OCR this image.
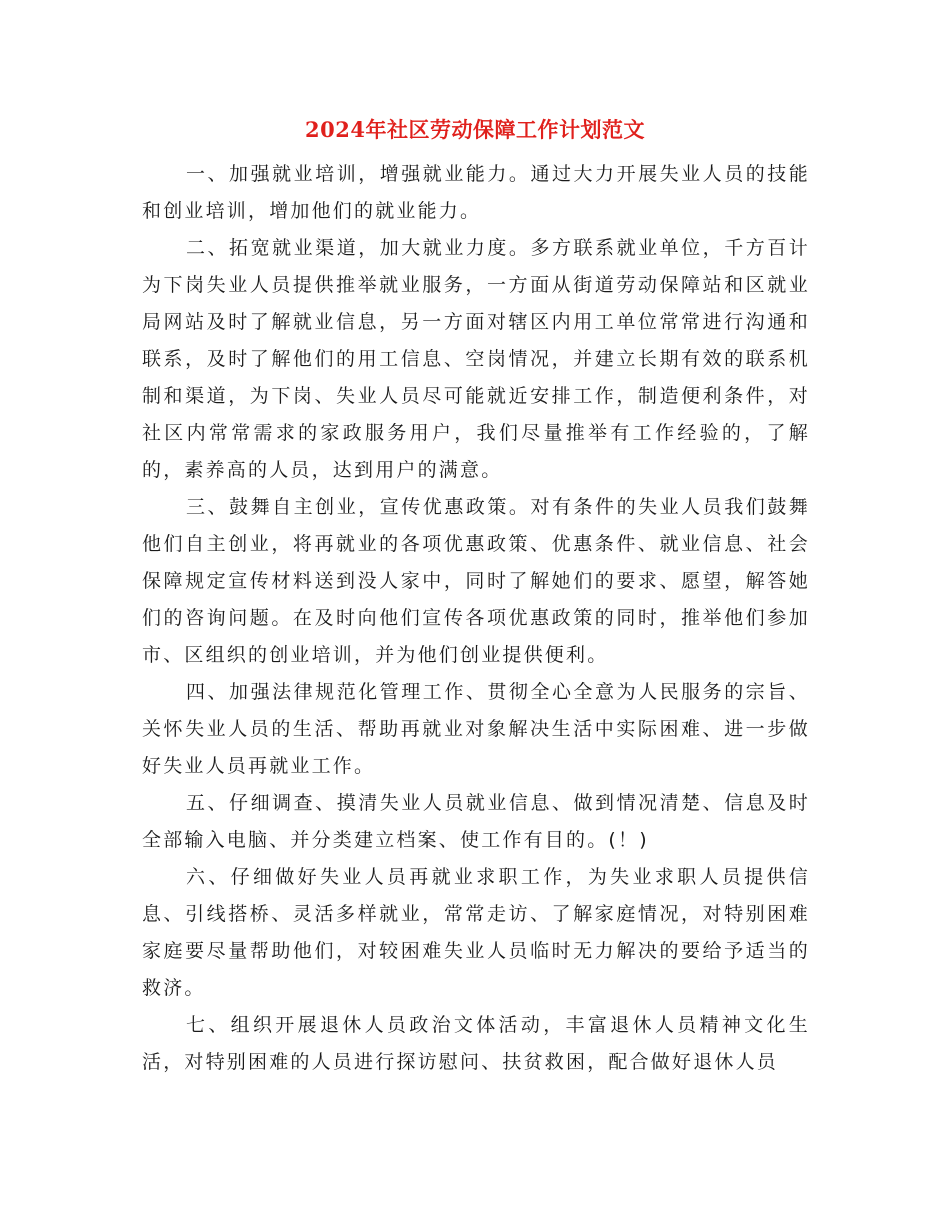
2024年社区劳动保障工作计划范文

一、加强就业培训，增强就业能力。通过大力开展失业人员的技能和创业培训，增加他们的就业能力。

二、拓宽就业渠道，加大就业力度。多方联系就业单位，千方百计为下岗失业人员提供推举就业服务，一方面从街道劳动保障站和区就业局网站及时了解就业信息，另一方面对辖区内用工单位常常进行沟通和联系，及时了解他们的用工信息、空岗情况，并建立长期有效的联系机制和渠道，为下岗、失业人员尽可能就近安排工作，制造便利条件，对社区内常常需求的家政服务用户，我们尽量推举有工作经验的，了解的，素养高的人员，达到用户的满意。

三、鼓舞自主创业，宣传优惠政策。对有条件的失业人员我们鼓舞他们自主创业，将再就业的各项优惠政策、优惠条件、就业信息、社会保障规定宣传材料送到没人家中，同时了解她们的要求、愿望，解答她们的咨询问题。在及时向他们宣传各项优惠政策的同时，推举他们参加市、区组织的创业培训，并为他们创业提供便利。

四、加强法律规范化管理工作、贯彻全心全意为人民服务的宗旨、关怀失业人员的生活、帮助再就业对象解决生活中实际困难、进一步做好失业人员再就业工作。

五、仔细调查、摸清失业人员就业信息、做到情况清楚、信息及时全部输入电脑、并分类建立档案、使工作有目的。(！)

六、仔细做好失业人员再就业求职工作，为失业求职人员提供信息、引线搭桥、灵活多样就业，常常走访、了解家庭情况，对特别困难家庭要尽量帮助他们，对较困难失业人员临时无力解决的要给予适当的救济。

七、组织开展退休人员政治文体活动，丰富退休人员精神文化生活，对特别困难的人员进行探访慰问、扶贫救困，配合做好退休人员
